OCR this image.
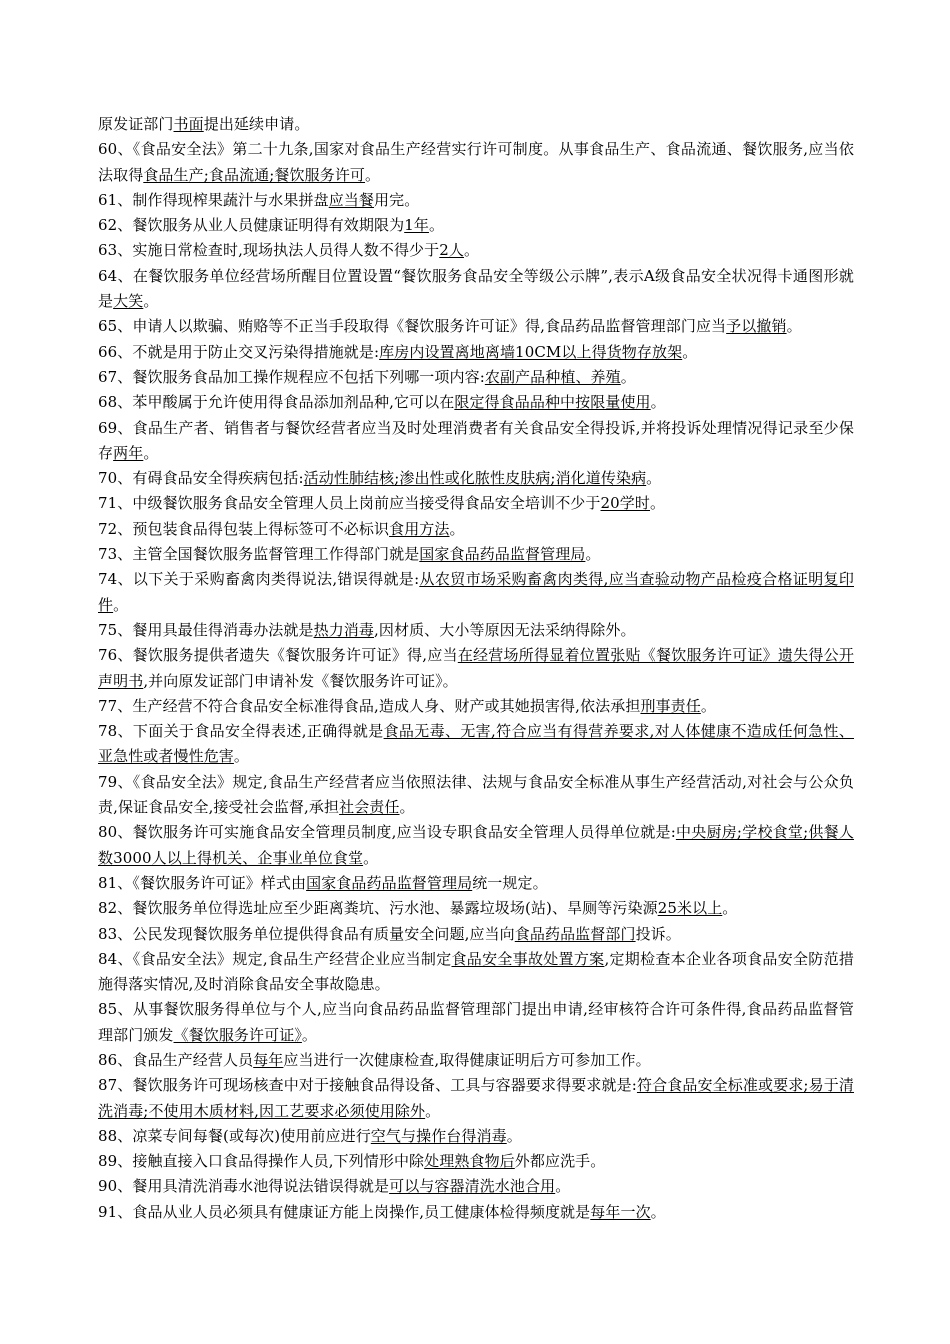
原发证部门书面提出延续申请。

60、《食品安全法》第二十九条,国家对食品生产经营实行许可制度。从事食品生产、食品流通、餐饮服务,应当依法取得食品生产;食品流通;餐饮服务许可。

61、制作得现榨果蔬汁与水果拼盘应当餐用完。

62、餐饮服务从业人员健康证明得有效期限为1年。

63、实施日常检查时,现场执法人员得人数不得少于2人。

64、在餐饮服务单位经营场所醒目位置设置“餐饮服务食品安全等级公示牌”,表示A级食品安全状况得卡通图形就是大笑。

65、申请人以欺骗、贿赂等不正当手段取得《餐饮服务许可证》得,食品药品监督管理部门应当予以撤销。

66、不就是用于防止交叉污染得措施就是:库房内设置离地离墙10CM以上得货物存放架。

67、餐饮服务食品加工操作规程应不包括下列哪一项内容:农副产品种植、养殖。

68、苯甲酸属于允许使用得食品添加剂品种,它可以在限定得食品品种中按限量使用。

69、食品生产者、销售者与餐饮经营者应当及时处理消费者有关食品安全得投诉,并将投诉处理情况得记录至少保存两年。

70、有碍食品安全得疾病包括:活动性肺结核;渗出性或化脓性皮肤病;消化道传染病。

71、中级餐饮服务食品安全管理人员上岗前应当接受得食品安全培训不少于20学时。

72、预包装食品得包装上得标签可不必标识食用方法。

73、主管全国餐饮服务监督管理工作得部门就是国家食品药品监督管理局。

74、以下关于采购畜禽肉类得说法,错误得就是:从农贸市场采购畜禽肉类得,应当查验动物产品检疫合格证明复印件。

75、餐用具最佳得消毒办法就是热力消毒,因材质、大小等原因无法采纳得除外。

76、餐饮服务提供者遗失《餐饮服务许可证》得,应当在经营场所得显着位置张贴《餐饮服务许可证》遗失得公开声明书,并向原发证部门申请补发《餐饮服务许可证》。

77、生产经营不符合食品安全标准得食品,造成人身、财产或其她损害得,依法承担刑事责任。

78、下面关于食品安全得表述,正确得就是食品无毒、无害,符合应当有得营养要求,对人体健康不造成任何急性、亚急性或者慢性危害。

79、《食品安全法》规定,食品生产经营者应当依照法律、法规与食品安全标准从事生产经营活动,对社会与公众负责,保证食品安全,接受社会监督,承担社会责任。

80、餐饮服务许可实施食品安全管理员制度,应当设专职食品安全管理人员得单位就是:中央厨房;学校食堂;供餐人数3000人以上得机关、企事业单位食堂。

81、《餐饮服务许可证》样式由国家食品药品监督管理局统一规定。

82、餐饮服务单位得选址应至少距离粪坑、污水池、暴露垃圾场(站)、旱厕等污染源25米以上。

83、公民发现餐饮服务单位提供得食品有质量安全问题,应当向食品药品监督部门投诉。

84、《食品安全法》规定,食品生产经营企业应当制定食品安全事故处置方案,定期检查本企业各项食品安全防范措施得落实情况,及时消除食品安全事故隐患。

85、从事餐饮服务得单位与个人,应当向食品药品监督管理部门提出申请,经审核符合许可条件得,食品药品监督管理部门颁发《餐饮服务许可证》。

86、食品生产经营人员每年应当进行一次健康检查,取得健康证明后方可参加工作。

87、餐饮服务许可现场核查中对于接触食品得设备、工具与容器要求得要求就是:符合食品安全标准或要求;易于清洗消毒;不使用木质材料,因工艺要求必须使用除外。

88、凉菜专间每餐(或每次)使用前应进行空气与操作台得消毒。

89、接触直接入口食品得操作人员,下列情形中除处理熟食物后外都应洗手。

90、餐用具清洗消毒水池得说法错误得就是可以与容器清洗水池合用。

91、食品从业人员必须具有健康证方能上岗操作,员工健康体检得频度就是每年一次。
